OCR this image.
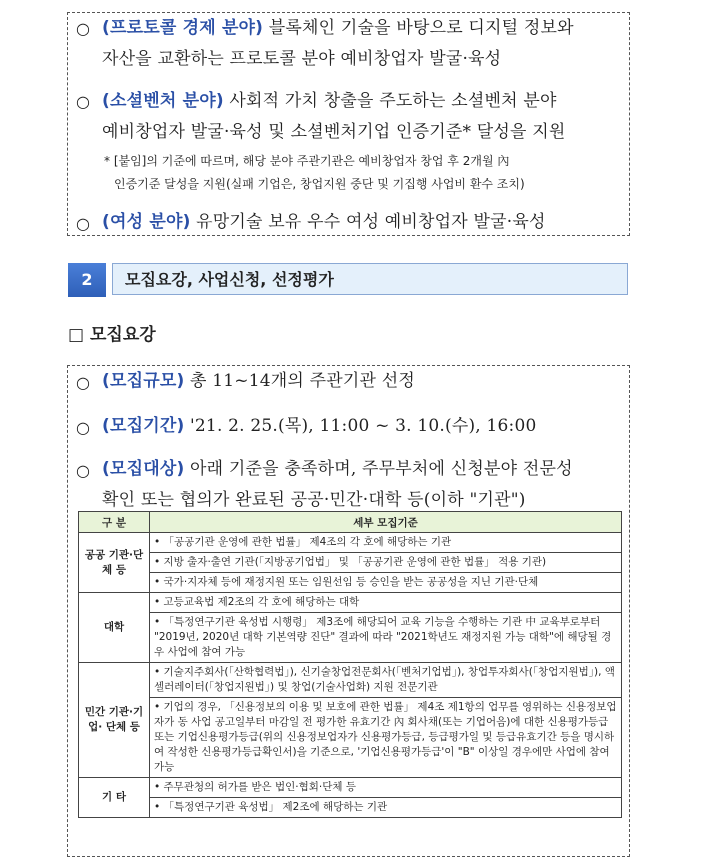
○ (프로토콜 경제 분야) 블록체인 기술을 바탕으로 디지털 정보와
자산을 교환하는 프로토콜 분야 예비창업자 발굴·육성
○ (소셜벤처 분야) 사회적 가치 창출을 주도하는 소셜벤처 분야
예비창업자 발굴·육성 및 소셜벤처기업 인증기준* 달성을 지원
* [붙임]의 기준에 따르며, 해당 분야 주관기관은 예비창업자 창업 후 2개월 內
인증기준 달성을 지원(실패 기업은, 창업지원 중단 및 기집행 사업비 환수 조치)
○ (여성 분야) 유망기술 보유 우수 여성 예비창업자 발굴·육성
2	모집요강, 사업신청, 선정평가
□ 모집요강
○ (모집규모) 총 11~14개의 주관기관 선정
○ (모집기간) '21. 2. 25.(목), 11:00 ~ 3. 10.(수), 16:00
○ (모집대상) 아래 기준을 충족하며, 주무부처에 신청분야 전문성
확인 또는 협의가 완료된 공공·민간·대학 등(이하 "기관")
구 분	세부 모집기준
공공 기관·단체 등	• 「공공기관 운영에 관한 법률」 제4조의 각 호에 해당하는 기관
	• 지방 출자·출연 기관(「지방공기업법」 및 「공공기관 운영에 관한 법률」 적용 기관)
	• 국가·지자체 등에 재정지원 또는 임원선임 등 승인을 받는 공공성을 지닌 기관·단체
대학	• 고등교육법 제2조의 각 호에 해당하는 대학
	• 「특정연구기관 육성법 시행령」 제3조에 해당되어 교육 기능을 수행하는 기관 中 교육부로부터 "2019년, 2020년 대학 기본역량 진단" 결과에 따라 "2021학년도 재정지원 가능 대학"에 해당될 경우 사업에 참여 가능
민간 기관·기업· 단체 등	• 기술지주회사(「산학협력법」), 신기술창업전문회사(「벤처기업법」), 창업투자회사(「창업지원법」), 액셀러레이터(「창업지원법」) 및 창업(기술사업화) 지원 전문기관
	• 기업의 경우, 「신용정보의 이용 및 보호에 관한 법률」 제4조 제1항의 업무를 영위하는 신용정보업자가 동 사업 공고일부터 마감일 전 평가한 유효기간 內 회사채(또는 기업어음)에 대한 신용평가등급 또는 기업신용평가등급(위의 신용정보업자가 신용평가등급, 등급평가일 및 등급유효기간 등을 명시하여 작성한 신용평가등급확인서)을 기준으로, '기업신용평가등급'이 "B" 이상일 경우에만 사업에 참여 가능
기 타	• 주무관청의 허가를 받은 법인·협회·단체 등
	• 「특정연구기관 육성법」 제2조에 해당하는 기관
